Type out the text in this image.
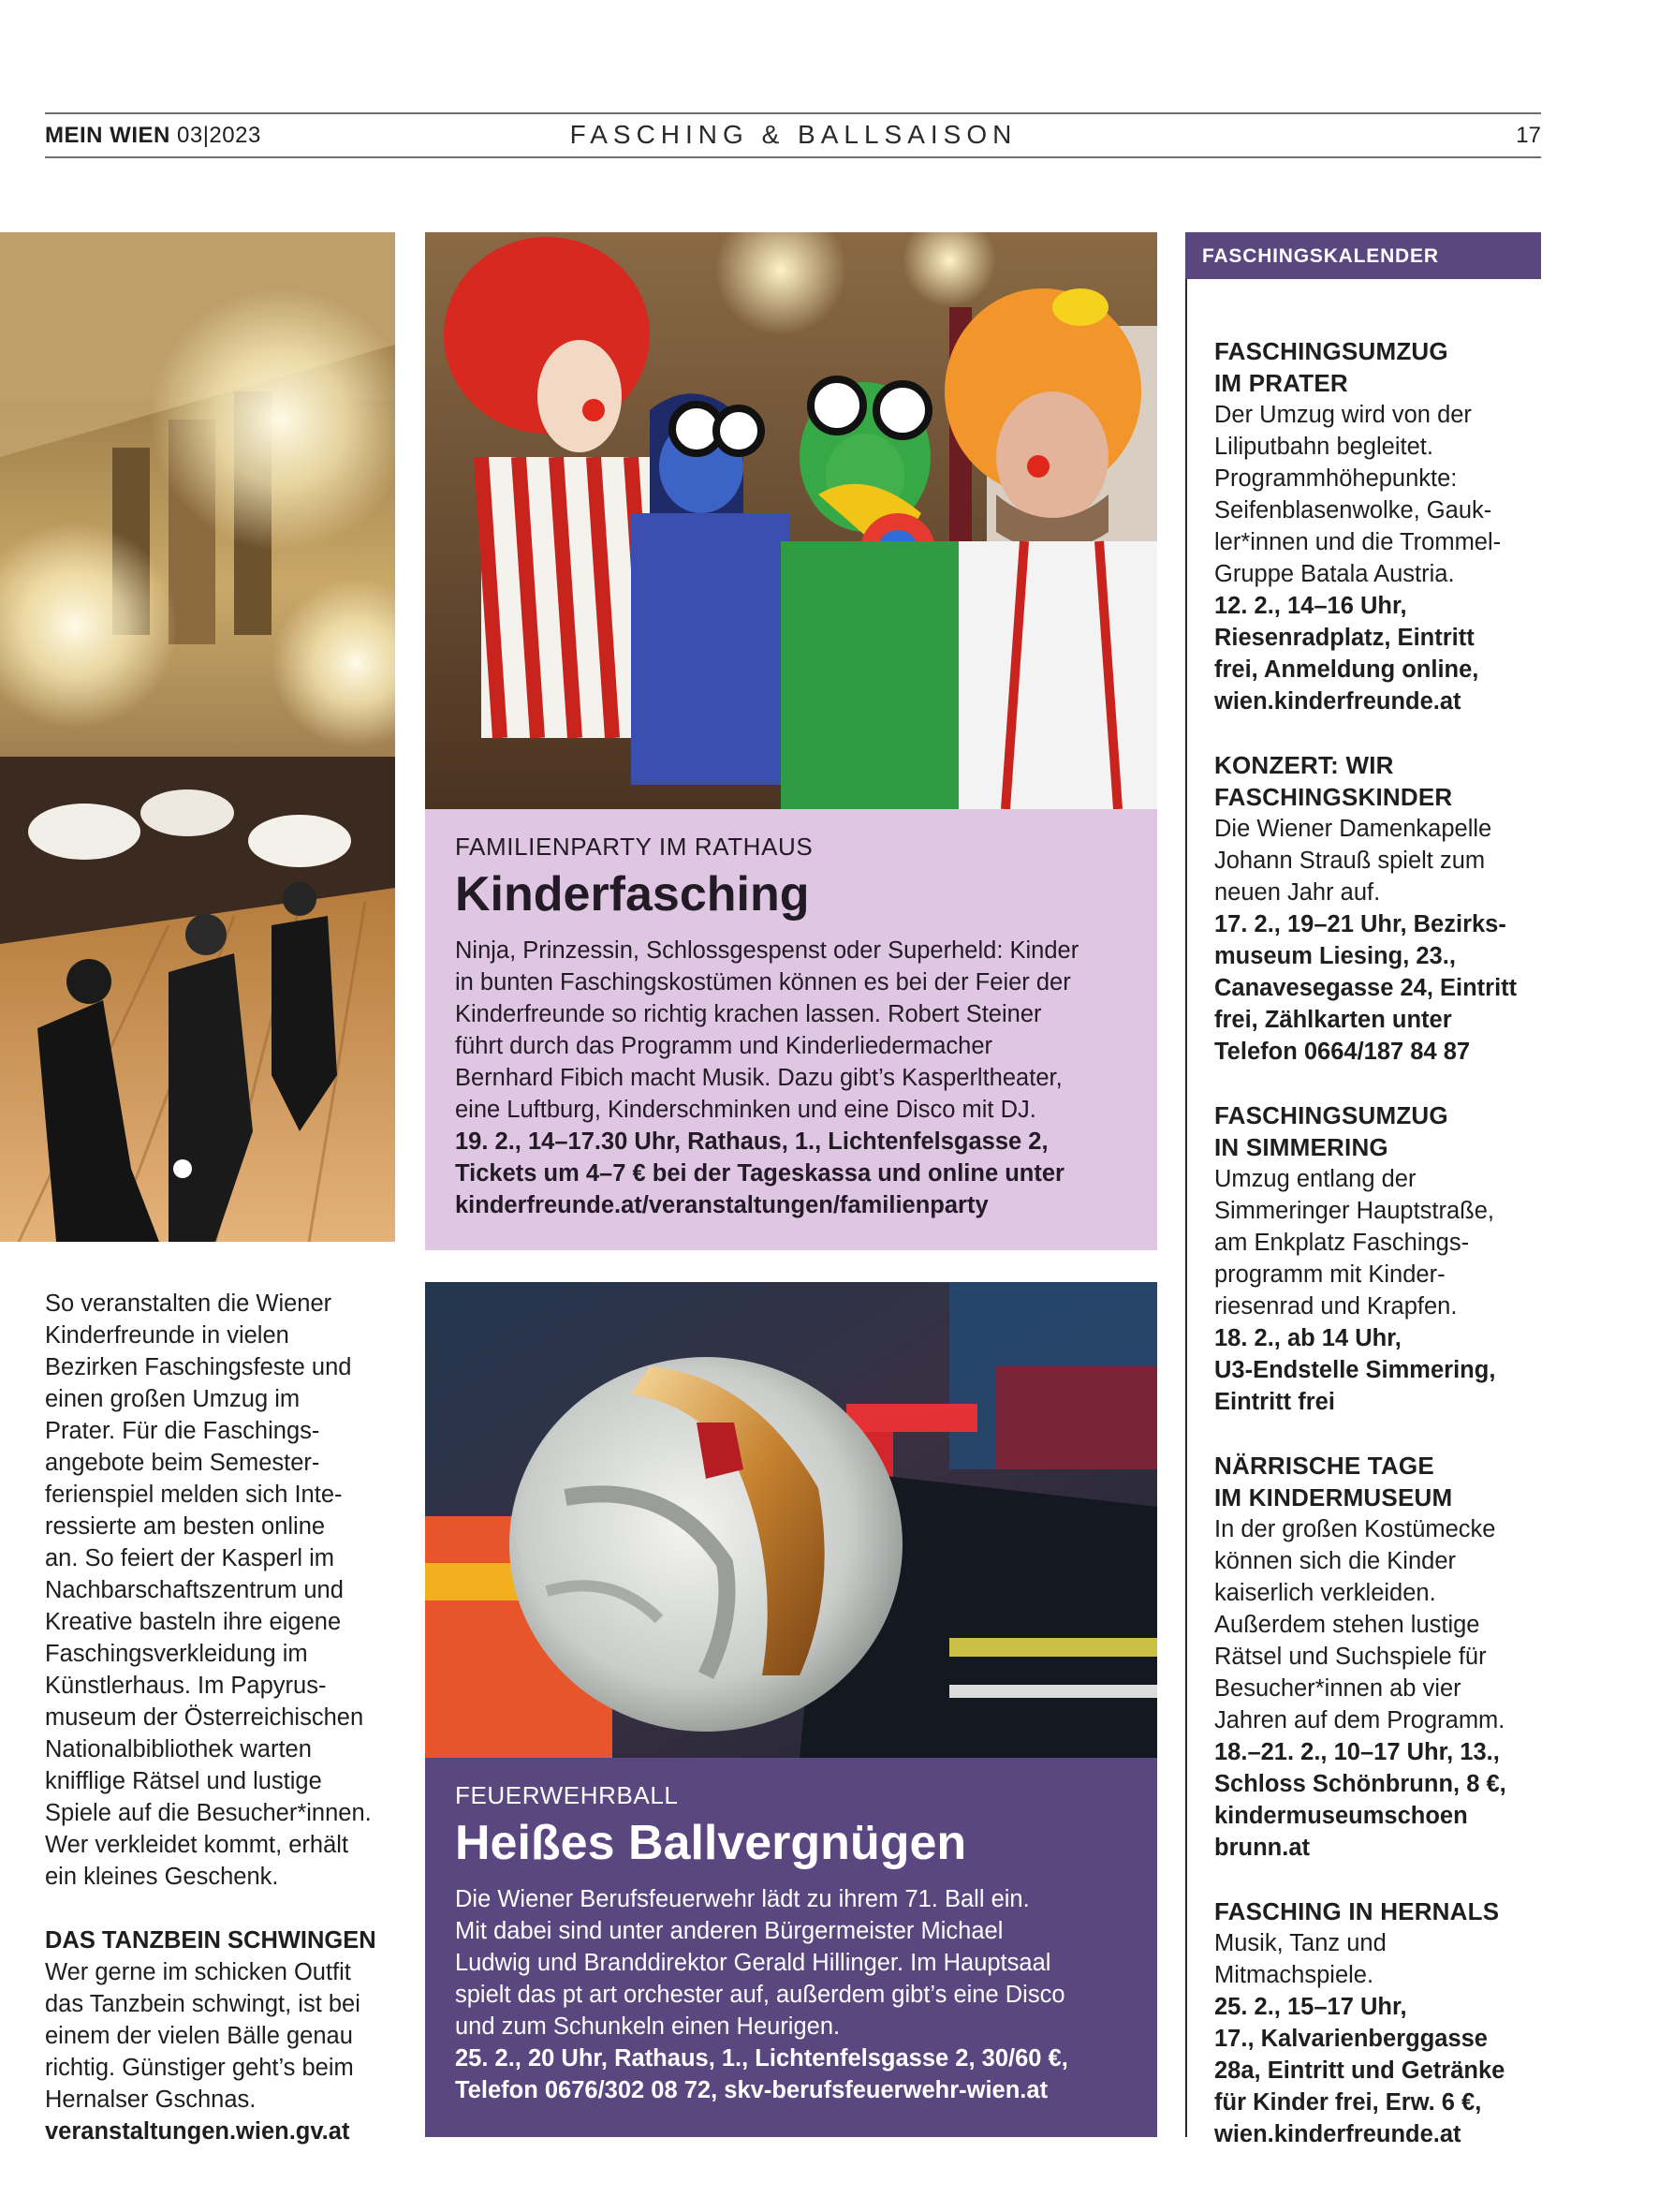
MEIN WIEN 03|2023	FASCHING & BALLSAISON	17
So veranstalten die Wiener
Kinderfreunde in vielen
Bezirken Faschingsfeste und
einen großen Umzug im
Prater. Für die Faschings-
angebote beim Semester-
ferienspiel melden sich Inte-
ressierte am besten online
an. So feiert der Kasperl im
Nachbarschaftszentrum und
Kreative basteln ihre eigene
Faschingsverkleidung im
Künstlerhaus. Im Papyrus-
museum der Österreichischen
Nationalbibliothek warten
knifflige Rätsel und lustige
Spiele auf die Besucher*innen.
Wer verkleidet kommt, erhält
ein kleines Geschenk.
DAS TANZBEIN SCHWINGEN
Wer gerne im schicken Outfit
das Tanzbein schwingt, ist bei
einem der vielen Bälle genau
richtig. Günstiger geht’s beim
Hernalser Gschnas.
veranstaltungen.wien.gv.at
FAMILIENPARTY IM RATHAUS
Kinderfasching
Ninja, Prinzessin, Schlossgespenst oder Superheld: Kinder
in bunten Faschingskostümen können es bei der Feier der
Kinderfreunde so richtig krachen lassen. Robert Steiner
führt durch das Programm und Kinderliedermacher
Bernhard Fibich macht Musik. Dazu gibt’s Kasperltheater,
eine Luftburg, Kinderschminken und eine Disco mit DJ.
19. 2., 14–17.30 Uhr, Rathaus, 1., Lichtenfelsgasse 2,
Tickets um 4–7 € bei der Tageskassa und online unter
kinderfreunde.at/veranstaltungen/familienparty
FEUERWEHRBALL
Heißes Ballvergnügen
Die Wiener Berufsfeuerwehr lädt zu ihrem 71. Ball ein.
Mit dabei sind unter anderen Bürgermeister Michael
Ludwig und Branddirektor Gerald Hillinger. Im Hauptsaal
spielt das pt art orchester auf, außerdem gibt’s eine Disco
und zum Schunkeln einen Heurigen.
25. 2., 20 Uhr, Rathaus, 1., Lichtenfelsgasse 2, 30/60 €,
Telefon 0676/302 08 72, skv-berufsfeuerwehr-wien.at
FASCHINGSKALENDER
FASCHINGSUMZUG
IM PRATER
Der Umzug wird von der
Liliputbahn begleitet.
Programmhöhepunkte:
Seifenblasenwolke, Gauk-
ler*innen und die Trommel-
Gruppe Batala Austria.
12. 2., 14–16 Uhr,
Riesenradplatz, Eintritt
frei, Anmeldung online,
wien.kinderfreunde.at
KONZERT: WIR
FASCHINGSKINDER
Die Wiener Damenkapelle
Johann Strauß spielt zum
neuen Jahr auf.
17. 2., 19–21 Uhr, Bezirks-
museum Liesing, 23.,
Canavesegasse 24, Eintritt
frei, Zählkarten unter
Telefon 0664/187 84 87
FASCHINGSUMZUG
IN SIMMERING
Umzug entlang der
Simmeringer Hauptstraße,
am Enkplatz Faschings-
programm mit Kinder-
riesenrad und Krapfen.
18. 2., ab 14 Uhr,
U3-Endstelle Simmering,
Eintritt frei
NÄRRISCHE TAGE
IM KINDERMUSEUM
In der großen Kostümecke
können sich die Kinder
kaiserlich verkleiden.
Außerdem stehen lustige
Rätsel und Suchspiele für
Besucher*innen ab vier
Jahren auf dem Programm.
18.–21. 2., 10–17 Uhr, 13.,
Schloss Schönbrunn, 8 €,
kindermuseumschoen
brunn.at
FASCHING IN HERNALS
Musik, Tanz und
Mitmachspiele.
25. 2., 15–17 Uhr,
17., Kalvarienberggasse
28a, Eintritt und Getränke
für Kinder frei, Erw. 6 €,
wien.kinderfreunde.at
